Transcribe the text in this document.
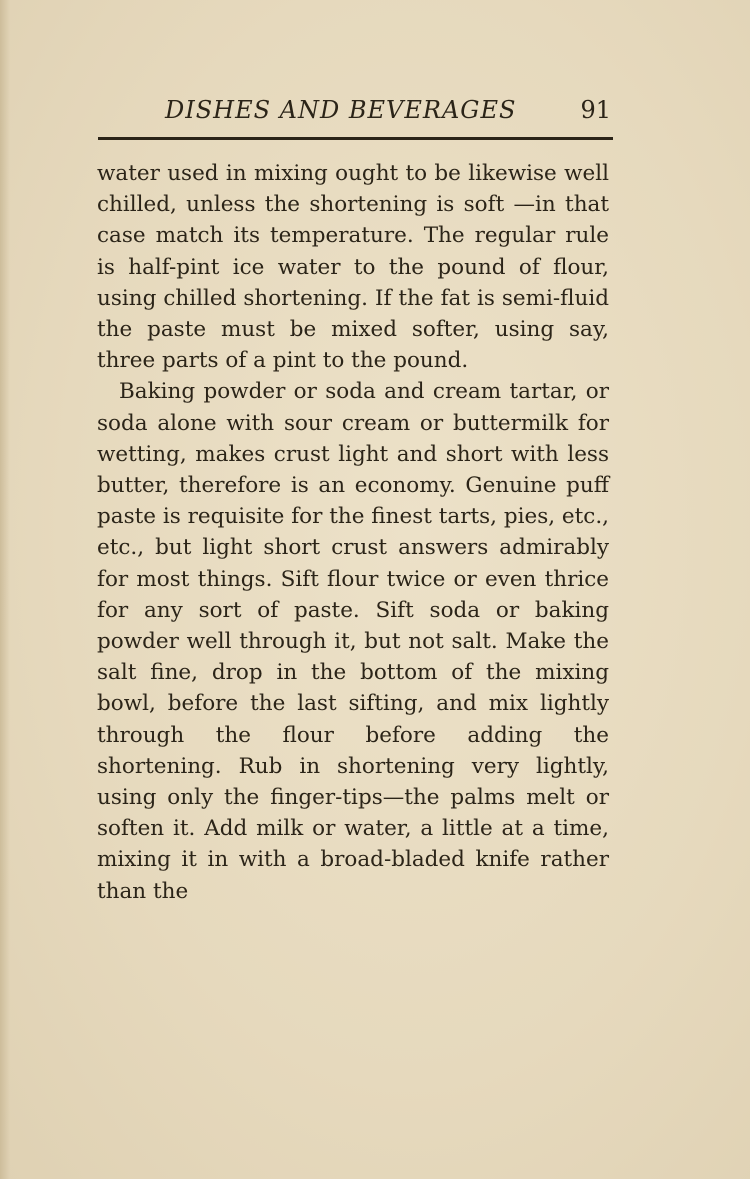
DISHES AND BEVERAGES	91

water used in mixing ought to be likewise well chilled, unless the shortening is soft —in that case match its temperature. The regular rule is half-pint ice water to the pound of flour, using chilled shortening. If the fat is semi-fluid the paste must be mixed softer, using say, three parts of a pint to the pound.

Baking powder or soda and cream tartar, or soda alone with sour cream or buttermilk for wetting, makes crust light and short with less butter, therefore is an economy. Genuine puff paste is requisite for the finest tarts, pies, etc., etc., but light short crust answers admirably for most things. Sift flour twice or even thrice for any sort of paste. Sift soda or baking powder well through it, but not salt. Make the salt fine, drop in the bottom of the mixing bowl, before the last sifting, and mix lightly through the flour before adding the shortening. Rub in shortening very lightly, using only the finger-tips—the palms melt or soften it. Add milk or water, a little at a time, mixing it in with a broad-bladed knife rather than the
